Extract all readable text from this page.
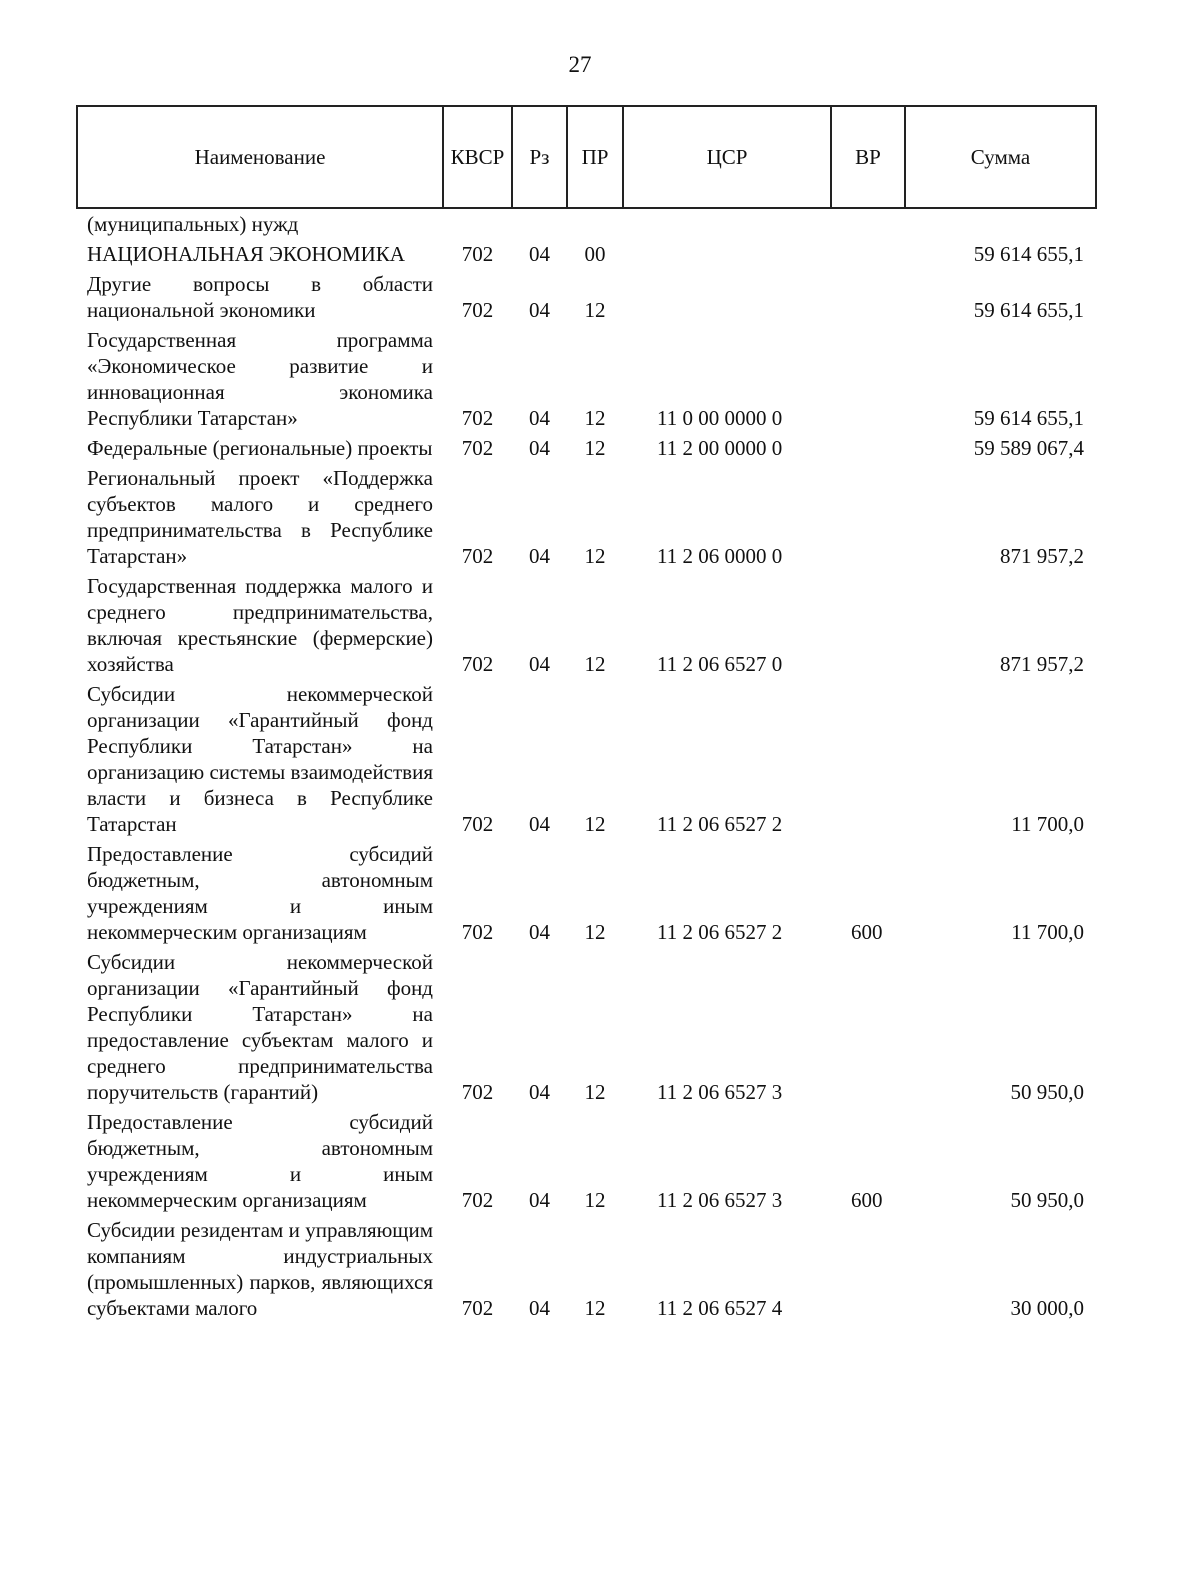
27
Наименование	КВСР	Рз	ПР	ЦСР	ВР	Сумма
(муниципальных) нужд						
НАЦИОНАЛЬНАЯ ЭКОНОМИКА	702	04	00			59 614 655,1
Другие вопросы в области национальной экономики	702	04	12			59 614 655,1
Государственная программа «Экономическое развитие и инновационная экономика Республики Татарстан»	702	04	12	11 0 00 0000 0		59 614 655,1
Федеральные (региональные) проекты	702	04	12	11 2 00 0000 0		59 589 067,4
Региональный проект «Поддержка субъектов малого и среднего предпринимательства в Республике Татарстан»	702	04	12	11 2 06 0000 0		871 957,2
Государственная поддержка малого и среднего предпринимательства, включая крестьянские (фермерские) хозяйства	702	04	12	11 2 06 6527 0		871 957,2
Субсидии некоммерческой организации «Гарантийный фонд Республики Татарстан» на организацию системы взаимодействия власти и бизнеса в Республике Татарстан	702	04	12	11 2 06 6527 2		11 700,0
Предоставление субсидий бюджетным, автономным учреждениям и иным некоммерческим организациям	702	04	12	11 2 06 6527 2	600	11 700,0
Субсидии некоммерческой организации «Гарантийный фонд Республики Татарстан» на предоставление субъектам малого и среднего предпринимательства поручительств (гарантий)	702	04	12	11 2 06 6527 3		50 950,0
Предоставление субсидий бюджетным, автономным учреждениям и иным некоммерческим организациям	702	04	12	11 2 06 6527 3	600	50 950,0
Субсидии резидентам и управляющим компаниям индустриальных (промышленных) парков, являющихся субъектами малого	702	04	12	11 2 06 6527 4		30 000,0
